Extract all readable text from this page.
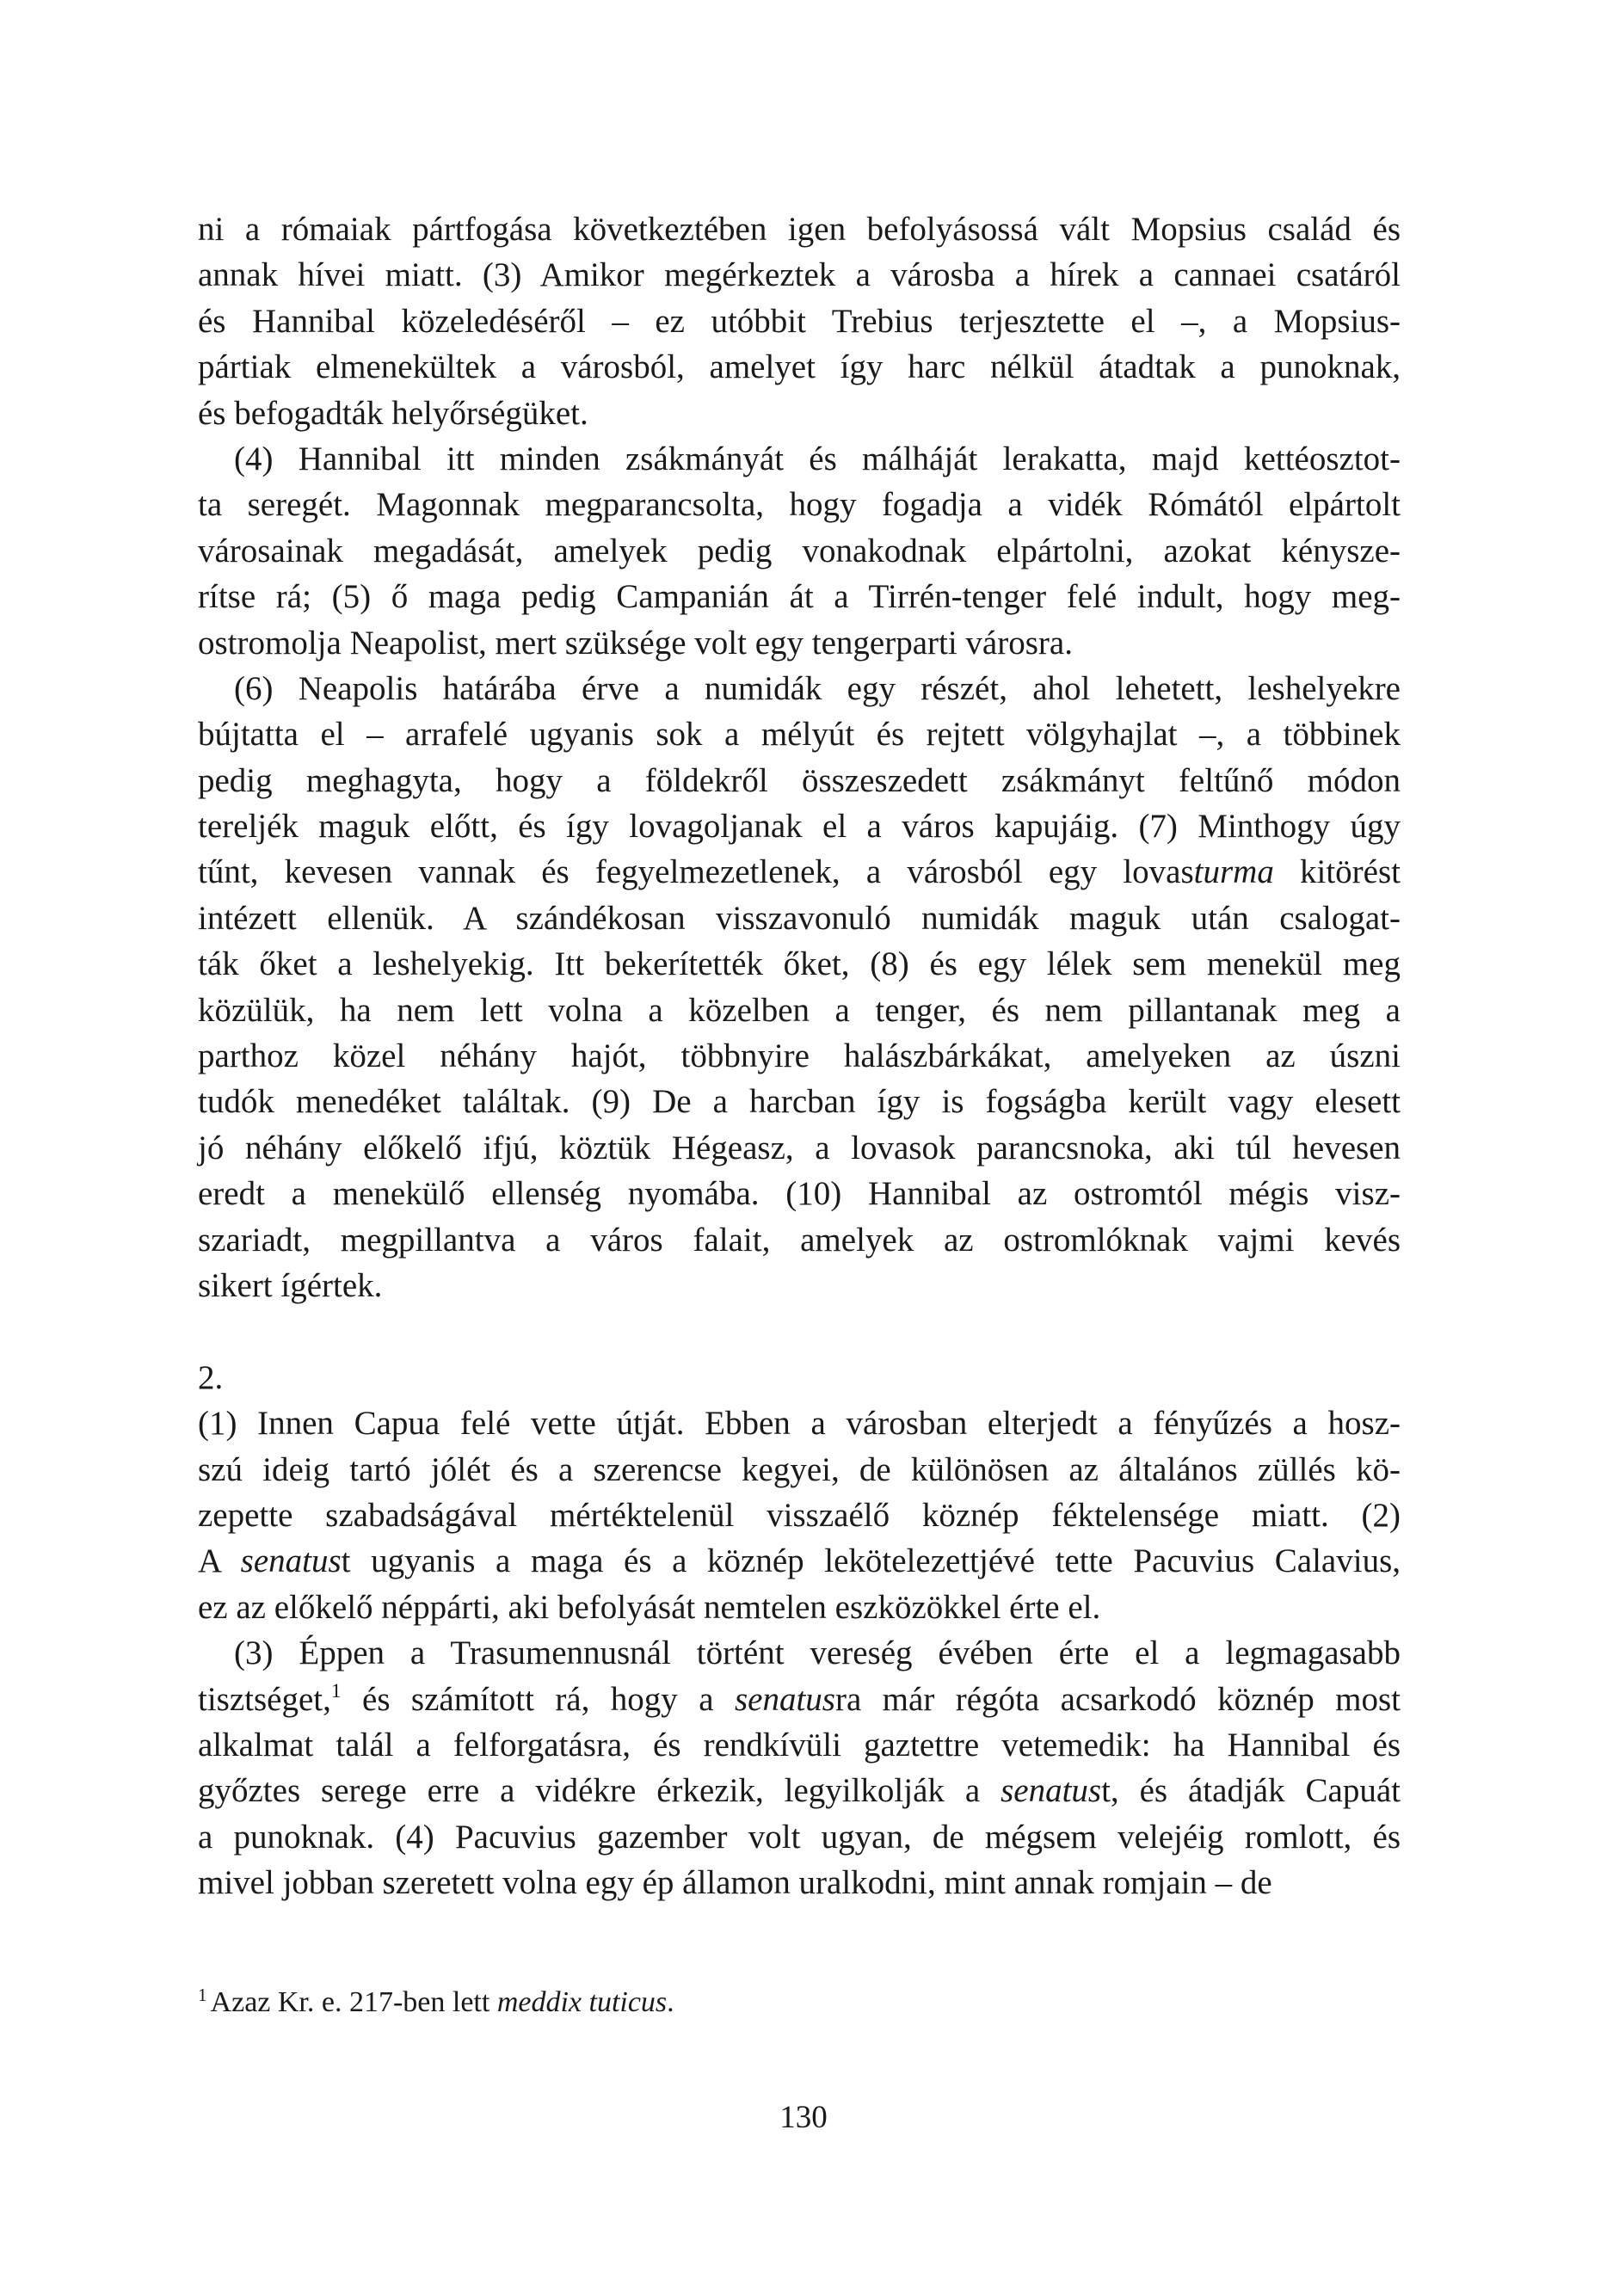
ni a rómaiak pártfogása következtében igen befolyásossá vált Mopsius család és
annak hívei miatt. (3) Amikor megérkeztek a városba a hírek a cannaei csatáról
és Hannibal közeledéséről – ez utóbbit Trebius terjesztette el –, a Mopsius-
pártiak elmenekültek a városból, amelyet így harc nélkül átadtak a punoknak,
és befogadták helyőrségüket.
(4) Hannibal itt minden zsákmányát és málháját lerakatta, majd kettéosztot-
ta seregét. Magonnak megparancsolta, hogy fogadja a vidék Rómától elpártolt
városainak megadását, amelyek pedig vonakodnak elpártolni, azokat kénysze-
rítse rá; (5) ő maga pedig Campanián át a Tirrén-tenger felé indult, hogy meg-
ostromolja Neapolist, mert szüksége volt egy tengerparti városra.
(6) Neapolis határába érve a numidák egy részét, ahol lehetett, leshelyekre
bújtatta el – arrafelé ugyanis sok a mélyút és rejtett völgyhajlat –, a többinek
pedig meghagyta, hogy a földekről összeszedett zsákmányt feltűnő módon
tereljék maguk előtt, és így lovagoljanak el a város kapujáig. (7) Minthogy úgy
tűnt, kevesen vannak és fegyelmezetlenek, a városból egy lovasturma kitörést
intézett ellenük. A szándékosan visszavonuló numidák maguk után csalogat-
ták őket a leshelyekig. Itt bekerítették őket, (8) és egy lélek sem menekül meg
közülük, ha nem lett volna a közelben a tenger, és nem pillantanak meg a
parthoz közel néhány hajót, többnyire halászbárkákat, amelyeken az úszni
tudók menedéket találtak. (9) De a harcban így is fogságba került vagy elesett
jó néhány előkelő ifjú, köztük Hégeasz, a lovasok parancsnoka, aki túl hevesen
eredt a menekülő ellenség nyomába. (10) Hannibal az ostromtól mégis visz-
szariadt, megpillantva a város falait, amelyek az ostromlóknak vajmi kevés
sikert ígértek.
2.
(1) Innen Capua felé vette útját. Ebben a városban elterjedt a fényűzés a hosz-
szú ideig tartó jólét és a szerencse kegyei, de különösen az általános züllés kö-
zepette szabadságával mértéktelenül visszaélő köznép féktelensége miatt. (2)
A senatust ugyanis a maga és a köznép lekötelezettjévé tette Pacuvius Calavius,
ez az előkelő néppárti, aki befolyását nemtelen eszközökkel érte el.
(3) Éppen a Trasumennusnál történt vereség évében érte el a legmagasabb
tisztséget,$^1$ és számított rá, hogy a senatusra már régóta acsarkodó köznép most
alkalmat talál a felforgatásra, és rendkívüli gaztettre vetemedik: ha Hannibal és
győztes serege erre a vidékre érkezik, legyilkolják a senatust, és átadják Capuát
a punoknak. (4) Pacuvius gazember volt ugyan, de mégsem velejéig romlott, és
mivel jobban szeretett volna egy ép államon uralkodni, mint annak romjain – de
$^1$ Azaz Kr. e. 217-ben lett meddix tuticus.
130
